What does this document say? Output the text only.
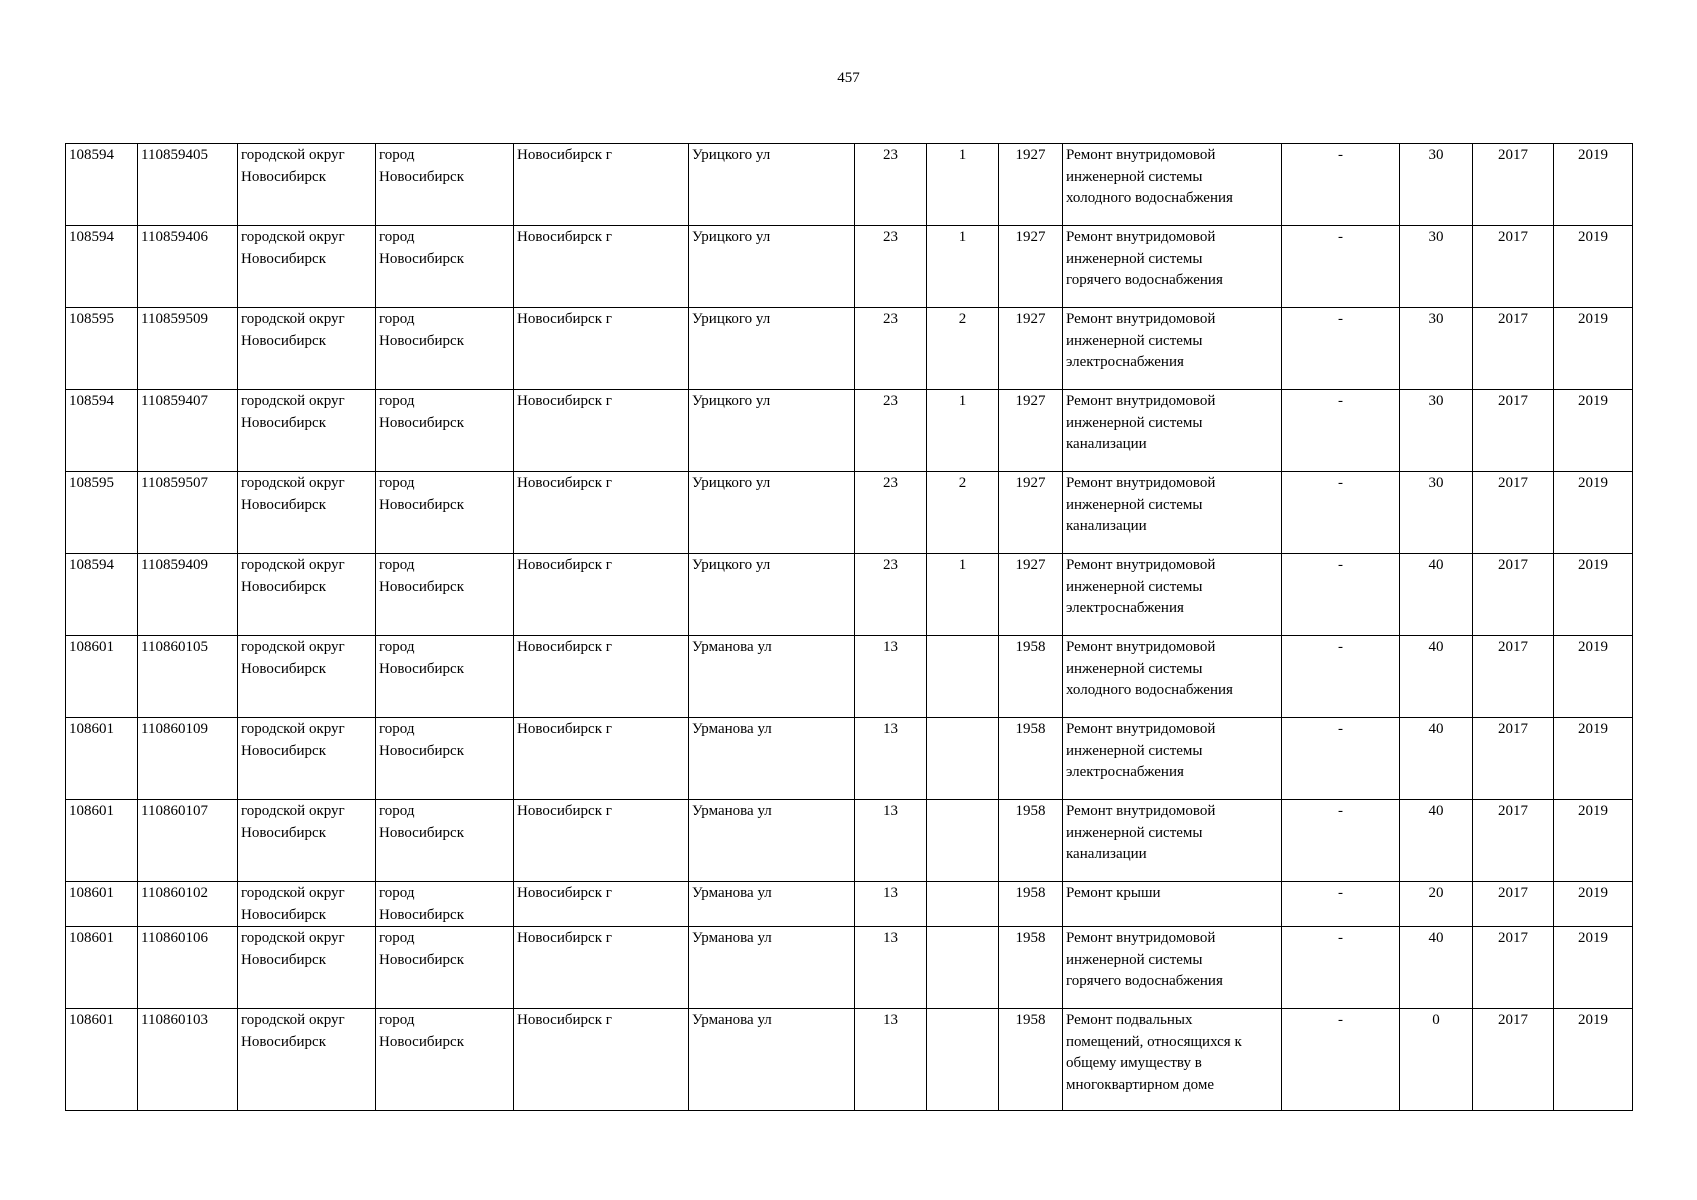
457
108594	110859405	городской округ
Новосибирск	город
Новосибирск	Новосибирск г	Урицкого ул	23	1	1927	Ремонт внутридомовой
инженерной системы
холодного водоснабжения	-	30	2017	2019
108594	110859406	городской округ
Новосибирск	город
Новосибирск	Новосибирск г	Урицкого ул	23	1	1927	Ремонт внутридомовой
инженерной системы
горячего водоснабжения	-	30	2017	2019
108595	110859509	городской округ
Новосибирск	город
Новосибирск	Новосибирск г	Урицкого ул	23	2	1927	Ремонт внутридомовой
инженерной системы
электроснабжения	-	30	2017	2019
108594	110859407	городской округ
Новосибирск	город
Новосибирск	Новосибирск г	Урицкого ул	23	1	1927	Ремонт внутридомовой
инженерной системы
канализации	-	30	2017	2019
108595	110859507	городской округ
Новосибирск	город
Новосибирск	Новосибирск г	Урицкого ул	23	2	1927	Ремонт внутридомовой
инженерной системы
канализации	-	30	2017	2019
108594	110859409	городской округ
Новосибирск	город
Новосибирск	Новосибирск г	Урицкого ул	23	1	1927	Ремонт внутридомовой
инженерной системы
электроснабжения	-	40	2017	2019
108601	110860105	городской округ
Новосибирск	город
Новосибирск	Новосибирск г	Урманова ул	13		1958	Ремонт внутридомовой
инженерной системы
холодного водоснабжения	-	40	2017	2019
108601	110860109	городской округ
Новосибирск	город
Новосибирск	Новосибирск г	Урманова ул	13		1958	Ремонт внутридомовой
инженерной системы
электроснабжения	-	40	2017	2019
108601	110860107	городской округ
Новосибирск	город
Новосибирск	Новосибирск г	Урманова ул	13		1958	Ремонт внутридомовой
инженерной системы
канализации	-	40	2017	2019
108601	110860102	городской округ
Новосибирск	город
Новосибирск	Новосибирск г	Урманова ул	13		1958	Ремонт крыши	-	20	2017	2019
108601	110860106	городской округ
Новосибирск	город
Новосибирск	Новосибирск г	Урманова ул	13		1958	Ремонт внутридомовой
инженерной системы
горячего водоснабжения	-	40	2017	2019
108601	110860103	городской округ
Новосибирск	город
Новосибирск	Новосибирск г	Урманова ул	13		1958	Ремонт подвальных
помещений, относящихся к
общему имуществу в
многоквартирном доме	-	0	2017	2019
